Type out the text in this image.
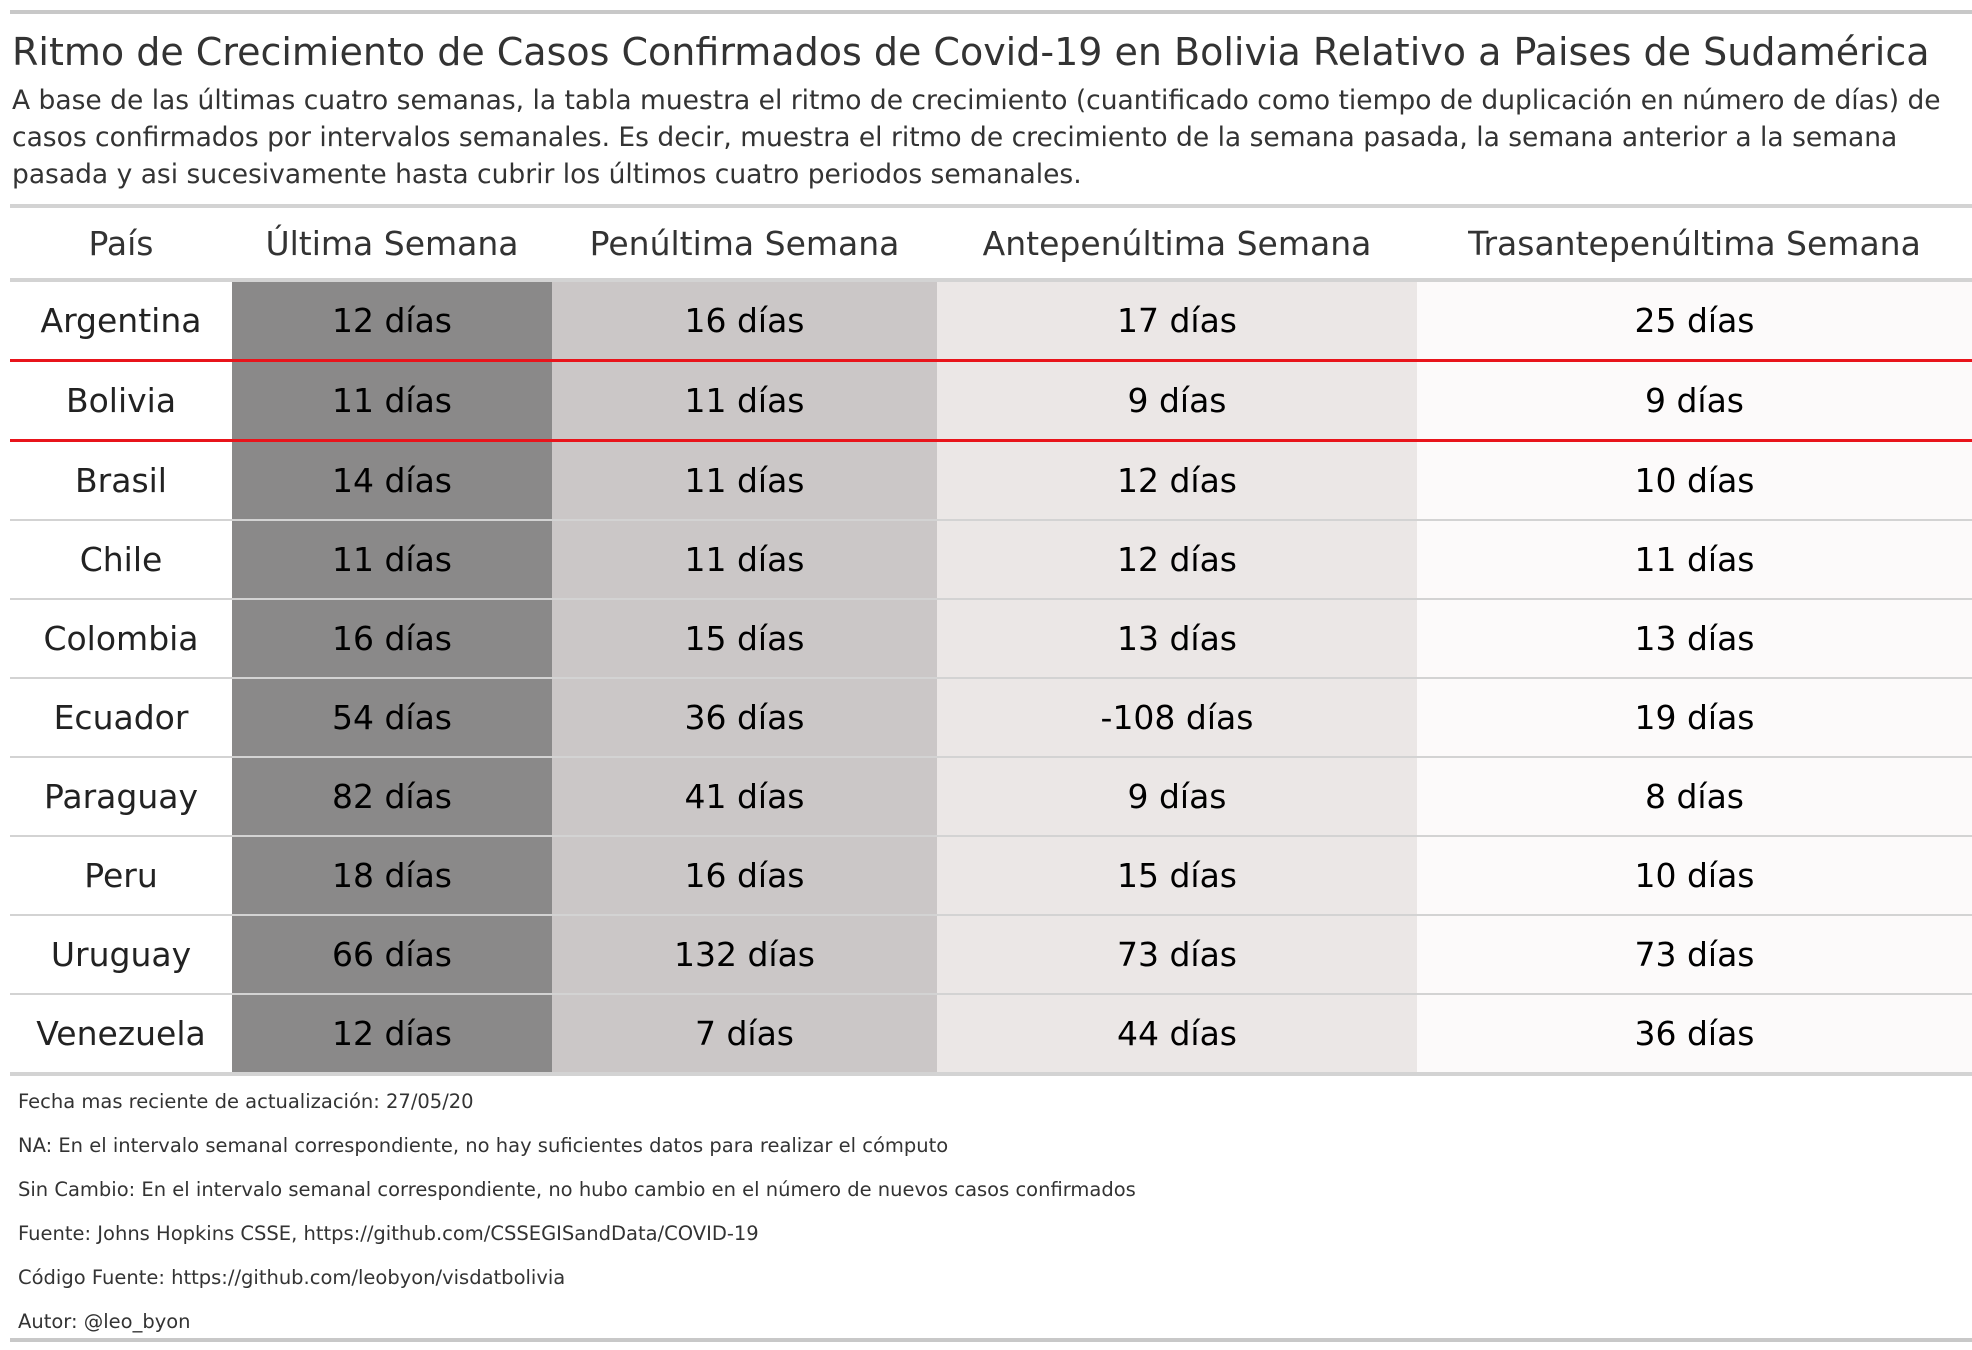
Ritmo de Crecimiento de Casos Confirmados de Covid-19 en Bolivia Relativo a Paises de Sudamérica
A base de las últimas cuatro semanas, la tabla muestra el ritmo de crecimiento (cuantificado como tiempo de duplicación en número de días) de casos confirmados por intervalos semanales. Es decir, muestra el ritmo de crecimiento de la semana pasada, la semana anterior a la semana pasada y asi sucesivamente hasta cubrir los últimos cuatro periodos semanales.
País	Última Semana	Penúltima Semana	Antepenúltima Semana	Trasantepenúltima Semana
Argentina	12 días	16 días	17 días	25 días
Bolivia	11 días	11 días	9 días	9 días
Brasil	14 días	11 días	12 días	10 días
Chile	11 días	11 días	12 días	11 días
Colombia	16 días	15 días	13 días	13 días
Ecuador	54 días	36 días	-108 días	19 días
Paraguay	82 días	41 días	9 días	8 días
Peru	18 días	16 días	15 días	10 días
Uruguay	66 días	132 días	73 días	73 días
Venezuela	12 días	7 días	44 días	36 días
Fecha mas reciente de actualización: 27/05/20
NA: En el intervalo semanal correspondiente, no hay suficientes datos para realizar el cómputo
Sin Cambio: En el intervalo semanal correspondiente, no hubo cambio en el número de nuevos casos confirmados
Fuente: Johns Hopkins CSSE, https://github.com/CSSEGISandData/COVID-19
Código Fuente: https://github.com/leobyon/visdatbolivia
Autor: @leo_byon
